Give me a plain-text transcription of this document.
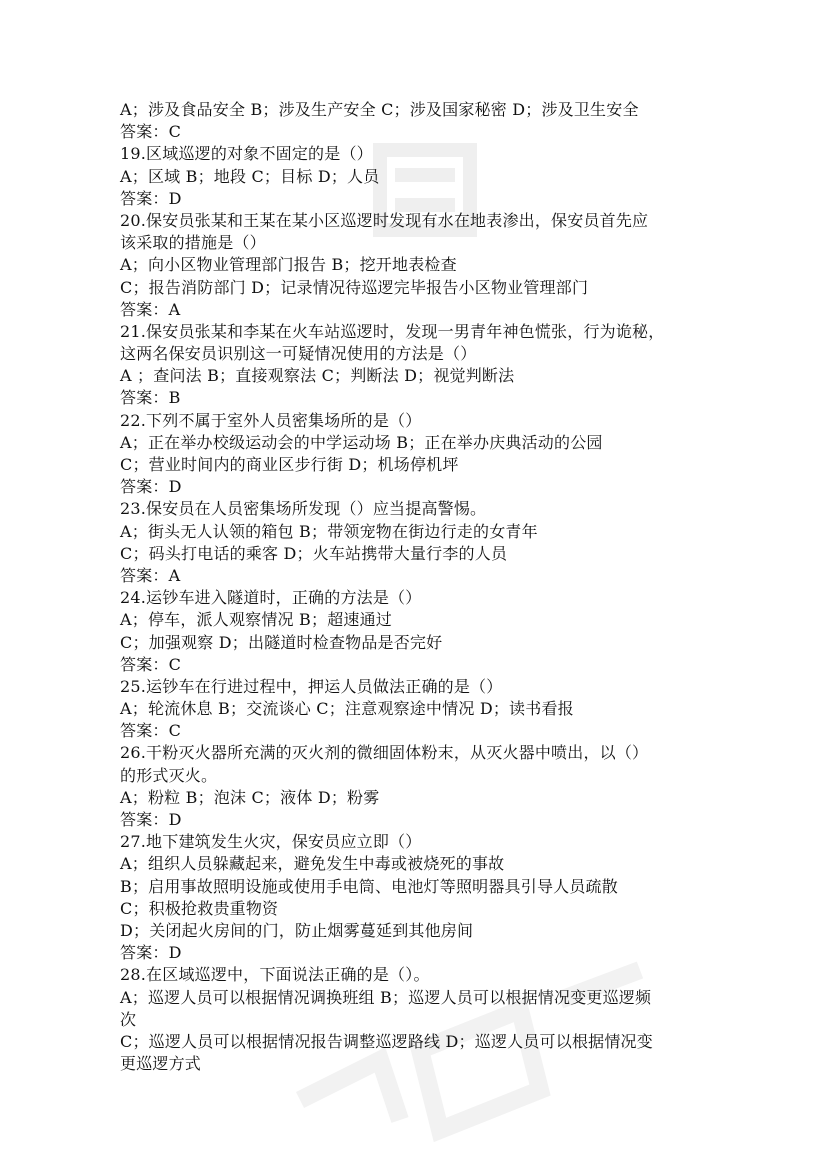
A；涉及食品安全 B；涉及生产安全 C；涉及国家秘密 D；涉及卫生安全
答案：C
19.区域巡逻的对象不固定的是（）
A；区域 B；地段 C；目标 D；人员
答案：D
20.保安员张某和王某在某小区巡逻时发现有水在地表渗出，保安员首先应
该采取的措施是（）
A；向小区物业管理部门报告 B；挖开地表检查
C；报告消防部门 D；记录情况待巡逻完毕报告小区物业管理部门
答案：A
21.保安员张某和李某在火车站巡逻时，发现一男青年神色慌张，行为诡秘，
这两名保安员识别这一可疑情况使用的方法是（）
A ；查问法 B；直接观察法 C；判断法 D；视觉判断法
答案：B
22.下列不属于室外人员密集场所的是（）
A；正在举办校级运动会的中学运动场 B；正在举办庆典活动的公园
C；营业时间内的商业区步行街 D；机场停机坪
答案：D
23.保安员在人员密集场所发现（）应当提高警惕。
A；街头无人认领的箱包 B；带领宠物在街边行走的女青年
C；码头打电话的乘客 D；火车站携带大量行李的人员
答案：A
24.运钞车进入隧道时，正确的方法是（）
A；停车，派人观察情况 B；超速通过
C；加强观察 D；出隧道时检查物品是否完好
答案：C
25.运钞车在行进过程中，押运人员做法正确的是（）
A；轮流休息 B；交流谈心 C；注意观察途中情况 D；读书看报
答案：C
26.干粉灭火器所充满的灭火剂的微细固体粉末，从灭火器中喷出，以（）
的形式灭火。
A；粉粒 B；泡沫 C；液体 D；粉雾
答案：D
27.地下建筑发生火灾，保安员应立即（）
A；组织人员躲藏起来，避免发生中毒或被烧死的事故
B；启用事故照明设施或使用手电筒、电池灯等照明器具引导人员疏散
C；积极抢救贵重物资
D；关闭起火房间的门，防止烟雾蔓延到其他房间
答案：D
28.在区域巡逻中，下面说法正确的是（）。
A；巡逻人员可以根据情况调换班组 B；巡逻人员可以根据情况变更巡逻频
次
C；巡逻人员可以根据情况报告调整巡逻路线 D；巡逻人员可以根据情况变
更巡逻方式
